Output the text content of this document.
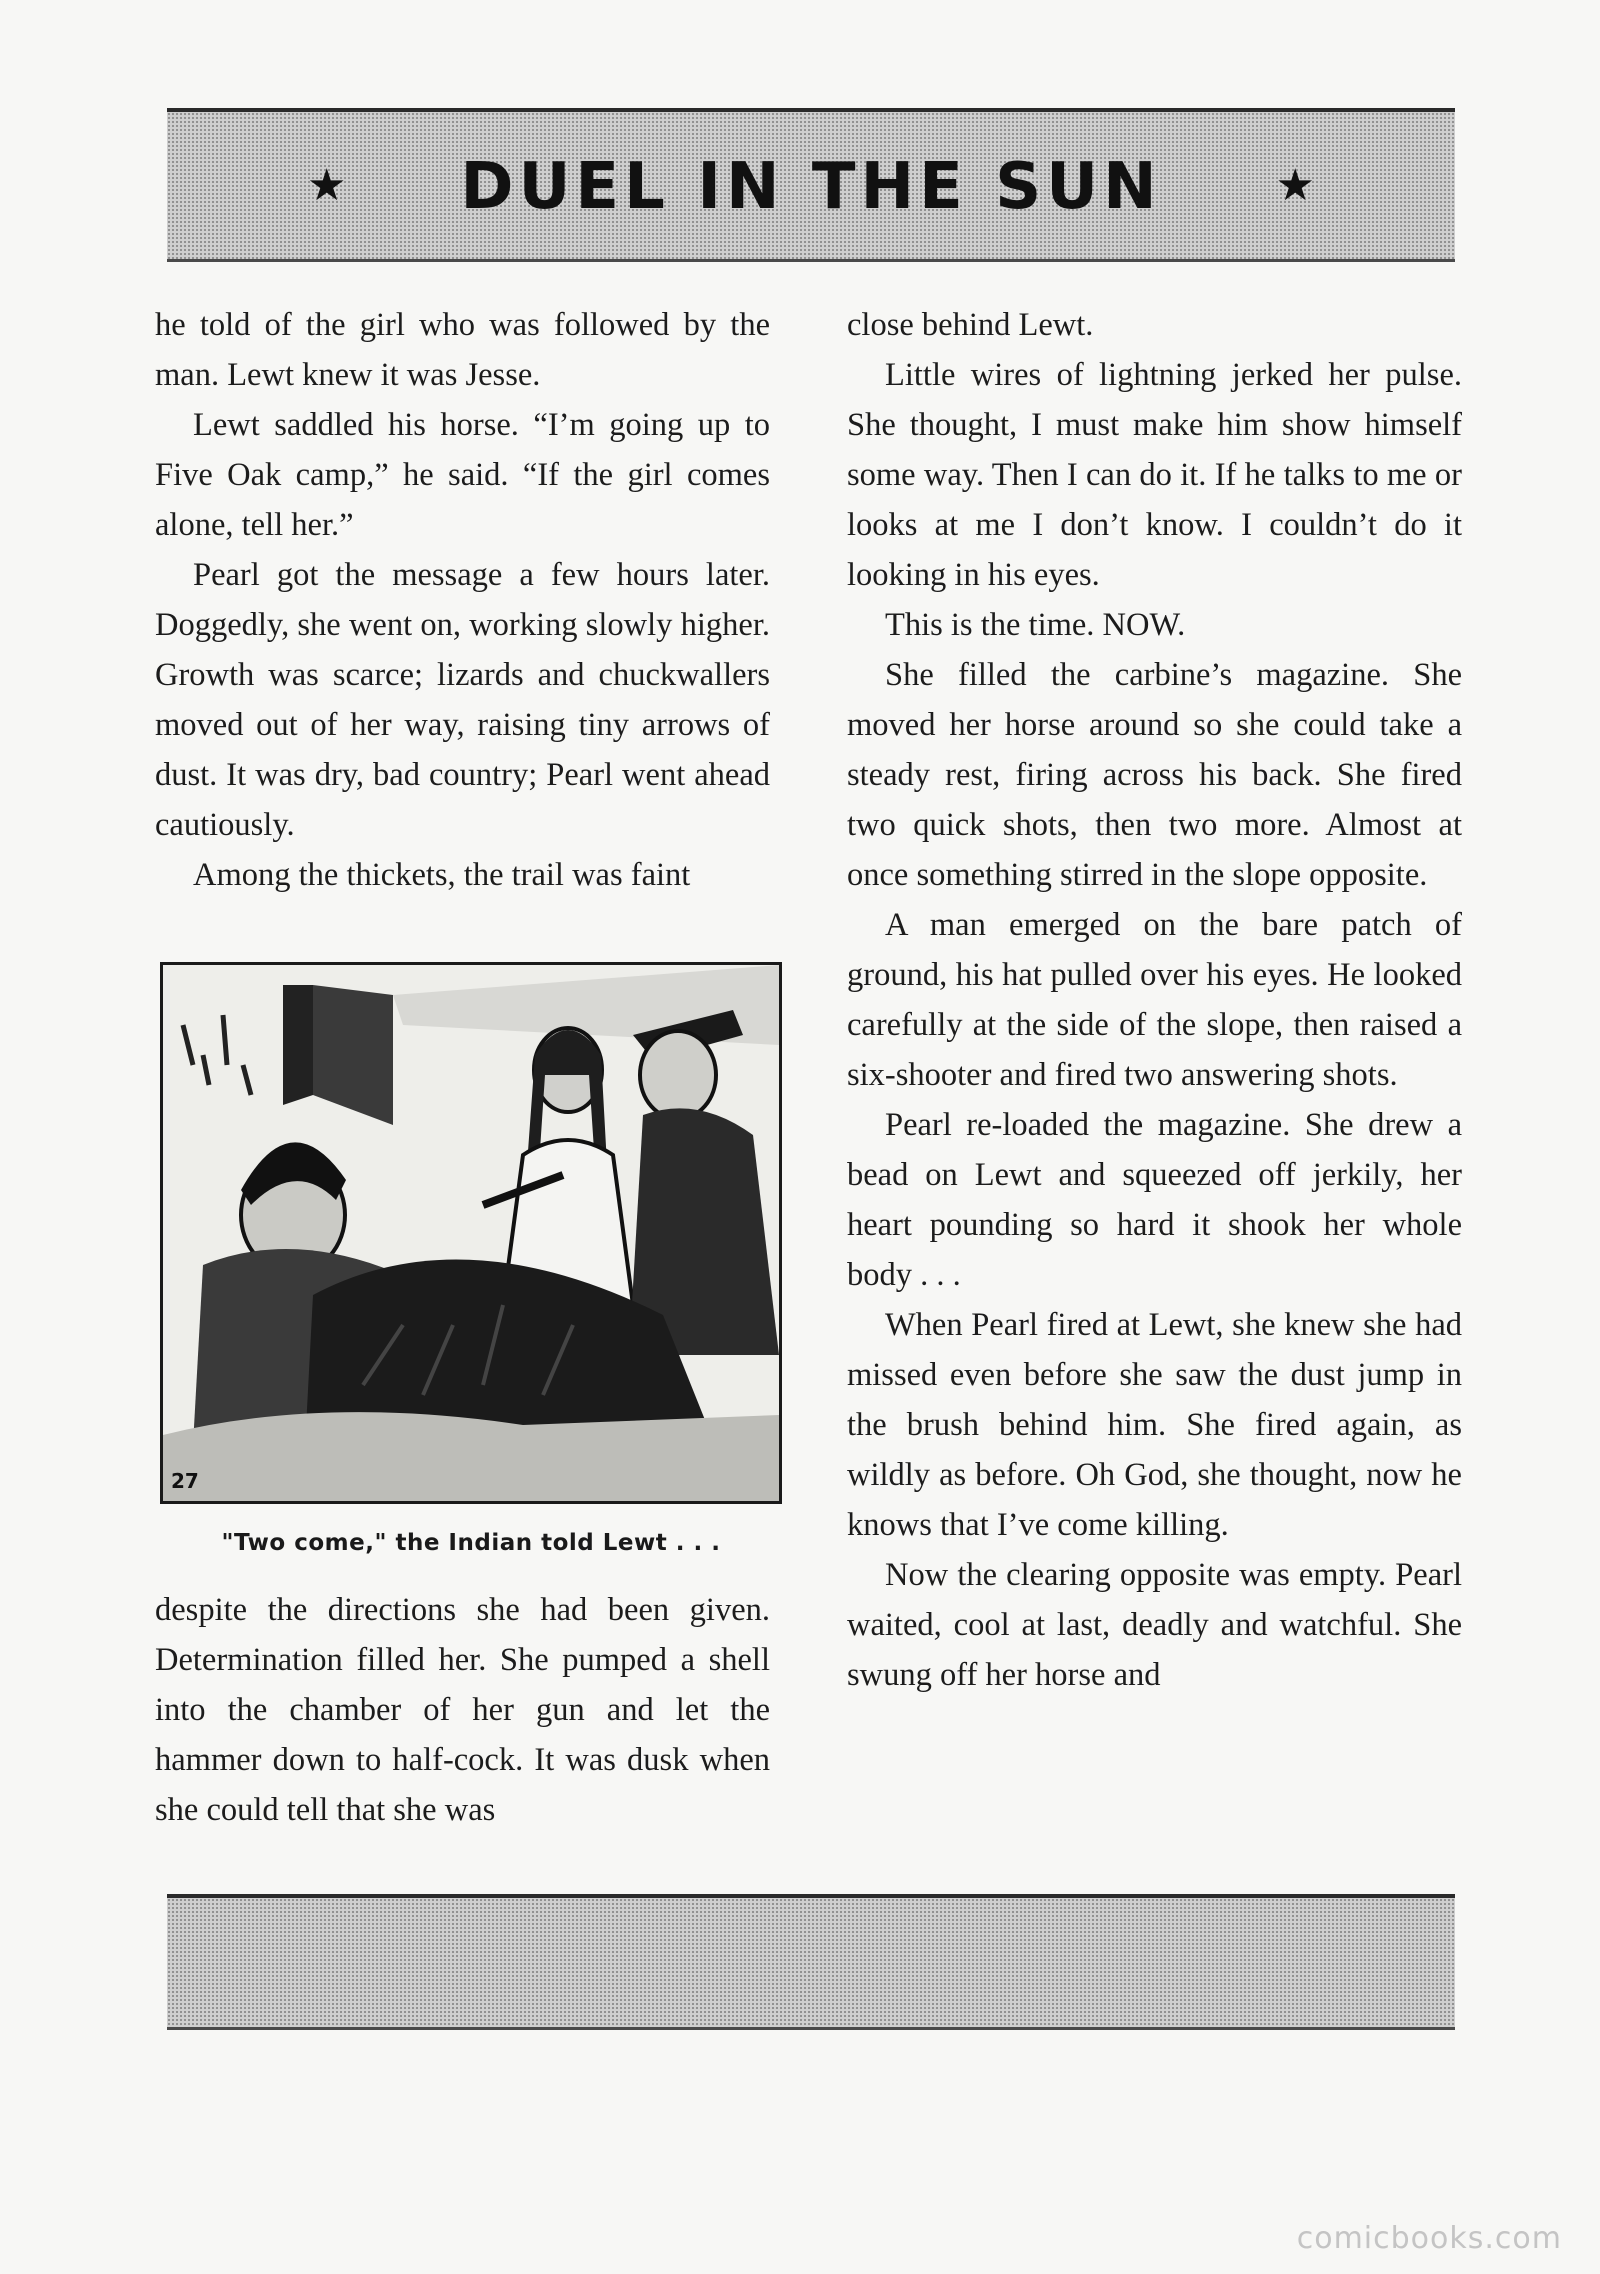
★ DUEL IN THE SUN	★

he told of the girl who was followed by the man. Lewt knew it was Jesse.

Lewt saddled his horse. “I’m going up to Five Oak camp,” he said. “If the girl comes alone, tell her.”

Pearl got the message a few hours later. Doggedly, she went on, working slowly higher. Growth was scarce; lizards and chuckwallers moved out of her way, raising tiny arrows of dust. It was dry, bad country; Pearl went ahead cautiously.

Among the thickets, the trail was faint

27
"Two come," the Indian told Lewt . . .

despite the directions she had been given. Determination filled her. She pumped a shell into the chamber of her gun and let the hammer down to half-cock. It was dusk when she could tell that she was

close behind Lewt.

Little wires of lightning jerked her pulse. She thought, I must make him show himself some way. Then I can do it. If he talks to me or looks at me I don’t know. I couldn’t do it looking in his eyes.

This is the time. NOW.

She filled the carbine’s magazine. She moved her horse around so she could take a steady rest, firing across his back. She fired two quick shots, then two more. Almost at once something stirred in the slope opposite.

A man emerged on the bare patch of ground, his hat pulled over his eyes. He looked carefully at the side of the slope, then raised a six-shooter and fired two answering shots.

Pearl re-loaded the magazine. She drew a bead on Lewt and squeezed off jerkily, her heart pounding so hard it shook her whole body . . .

When Pearl fired at Lewt, she knew she had missed even before she saw the dust jump in the brush behind him. She fired again, as wildly as before. Oh God, she thought, now he knows that I’ve come killing.

Now the clearing opposite was empty. Pearl waited, cool at last, deadly and watchful. She swung off her horse and

comicbooks.com
